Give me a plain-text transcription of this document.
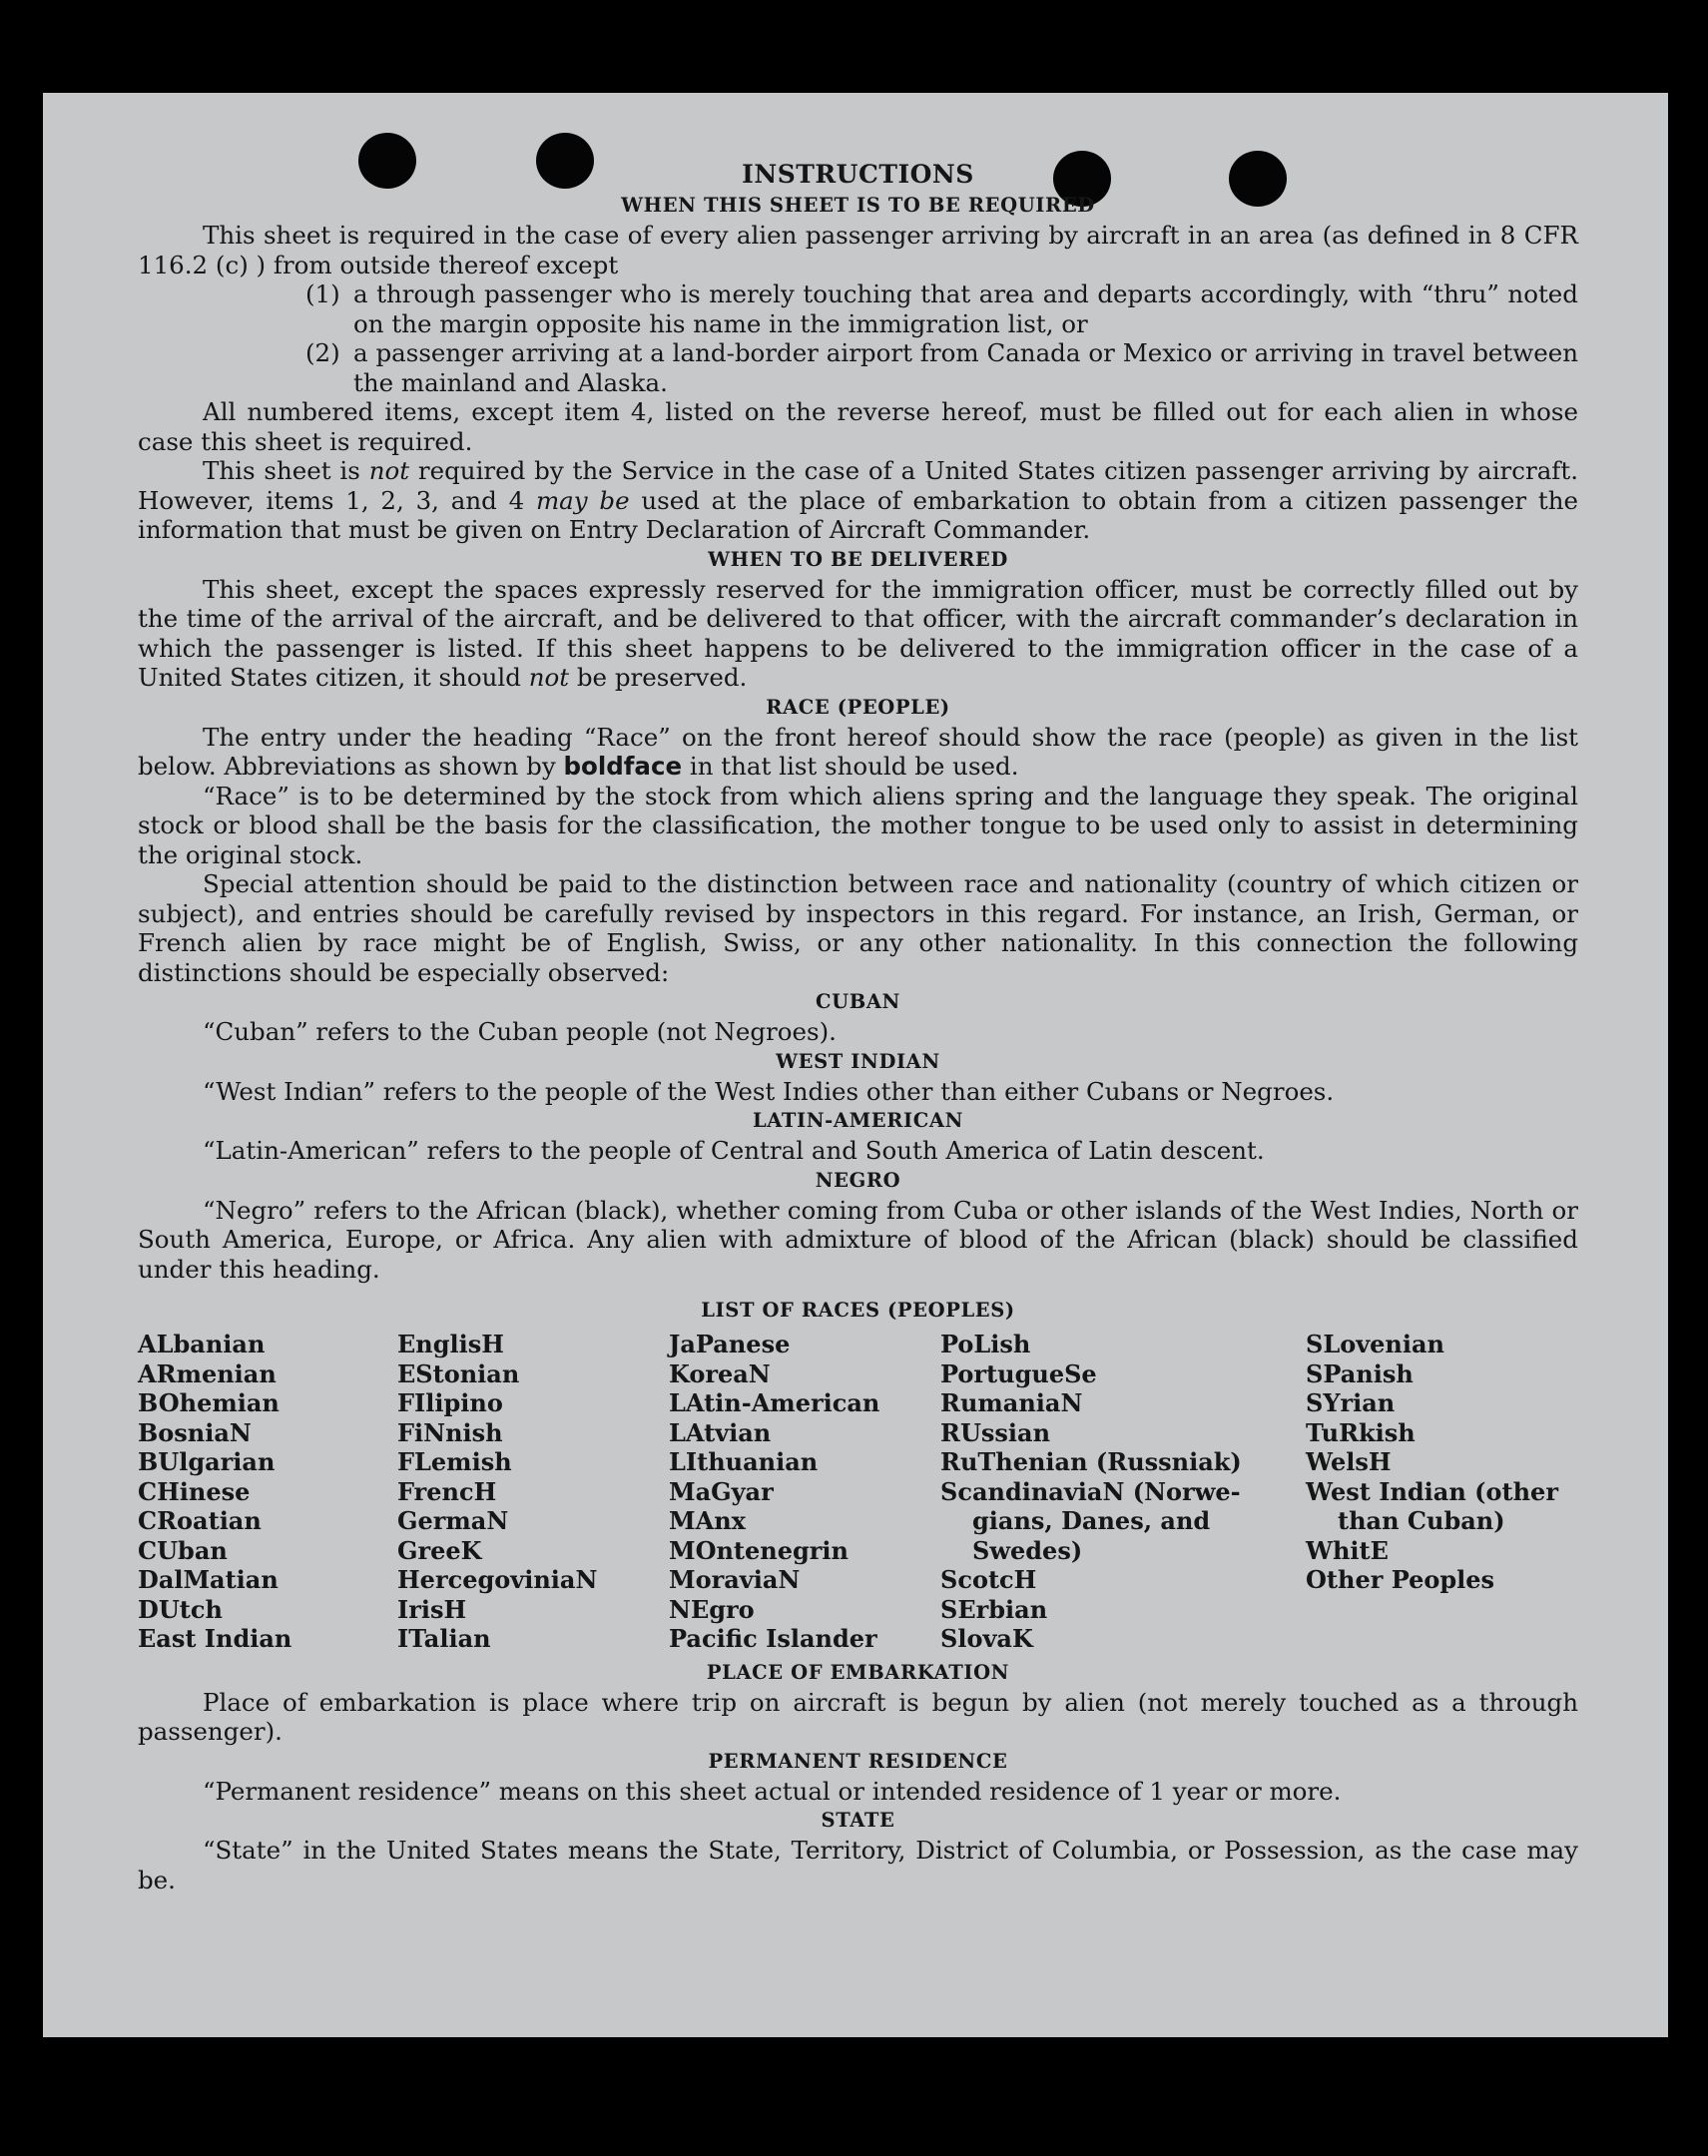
INSTRUCTIONS
WHEN THIS SHEET IS TO BE REQUIRED

This sheet is required in the case of every alien passenger arriving by aircraft in an area (as defined in 8 CFR 116.2 (c) ) from outside thereof except

(1) a through passenger who is merely touching that area and departs accordingly, with “thru” noted on the margin opposite his name in the immigration list, or

(2) a passenger arriving at a land-border airport from Canada or Mexico or arriving in travel between the mainland and Alaska.

All numbered items, except item 4, listed on the reverse hereof, must be filled out for each alien in whose case this sheet is required.

This sheet is not required by the Service in the case of a United States citizen passenger arriving by aircraft. However, items 1, 2, 3, and 4 may be used at the place of embarkation to obtain from a citizen passenger the information that must be given on Entry Declaration of Aircraft Commander.

WHEN TO BE DELIVERED

This sheet, except the spaces expressly reserved for the immigration officer, must be correctly filled out by the time of the arrival of the aircraft, and be delivered to that officer, with the aircraft commander’s declaration in which the passenger is listed. If this sheet happens to be delivered to the immigration officer in the case of a United States citizen, it should not be preserved.

RACE (PEOPLE)

The entry under the heading “Race” on the front hereof should show the race (people) as given in the list below. Abbreviations as shown by boldface in that list should be used.

“Race” is to be determined by the stock from which aliens spring and the language they speak. The original stock or blood shall be the basis for the classification, the mother tongue to be used only to assist in determining the original stock.

Special attention should be paid to the distinction between race and nationality (country of which citizen or subject), and entries should be carefully revised by inspectors in this regard. For instance, an Irish, German, or French alien by race might be of English, Swiss, or any other nationality. In this connection the following distinctions should be especially observed:

CUBAN

“Cuban” refers to the Cuban people (not Negroes).

WEST INDIAN

“West Indian” refers to the people of the West Indies other than either Cubans or Negroes.

LATIN-AMERICAN

“Latin-American” refers to the people of Central and South America of Latin descent.

NEGRO

“Negro” refers to the African (black), whether coming from Cuba or other islands of the West Indies, North or South America, Europe, or Africa. Any alien with admixture of blood of the African (black) should be classified under this heading.

LIST OF RACES (PEOPLES)
ALbanian
ARmenian
BOhemian
BosniaN
BUlgarian
CHinese
CRoatian
CUban
DalMatian
DUtch
East Indian
EnglisH
EStonian
FIlipino
FiNnish
FLemish
FrencH
GermaN
GreeK
HercegovinіaN
IrisH
ITalian
JaPanese
KoreaN
LAtin-American
LAtvian
LIthuanian
MaGyar
MAnx
MOntenegrin
MoraviaN
NEgro
Pacific Islander
PoLish
PortugueSe
RumaniaN
RUssian
RuThenian (Russniak)
ScandinaviaN (Norwe-
gians, Danes, and
Swedes)
ScotcH
SErbian
SlovaK
SLovenian
SPanish
SYrian
TuRkish
WelsH
West Indian (other
than Cuban)
WhitE
Other Peoples
PLACE OF EMBARKATION

Place of embarkation is place where trip on aircraft is begun by alien (not merely touched as a through passenger).

PERMANENT RESIDENCE

“Permanent residence” means on this sheet actual or intended residence of 1 year or more.

STATE

“State” in the United States means the State, Territory, District of Columbia, or Possession, as the case may be.
